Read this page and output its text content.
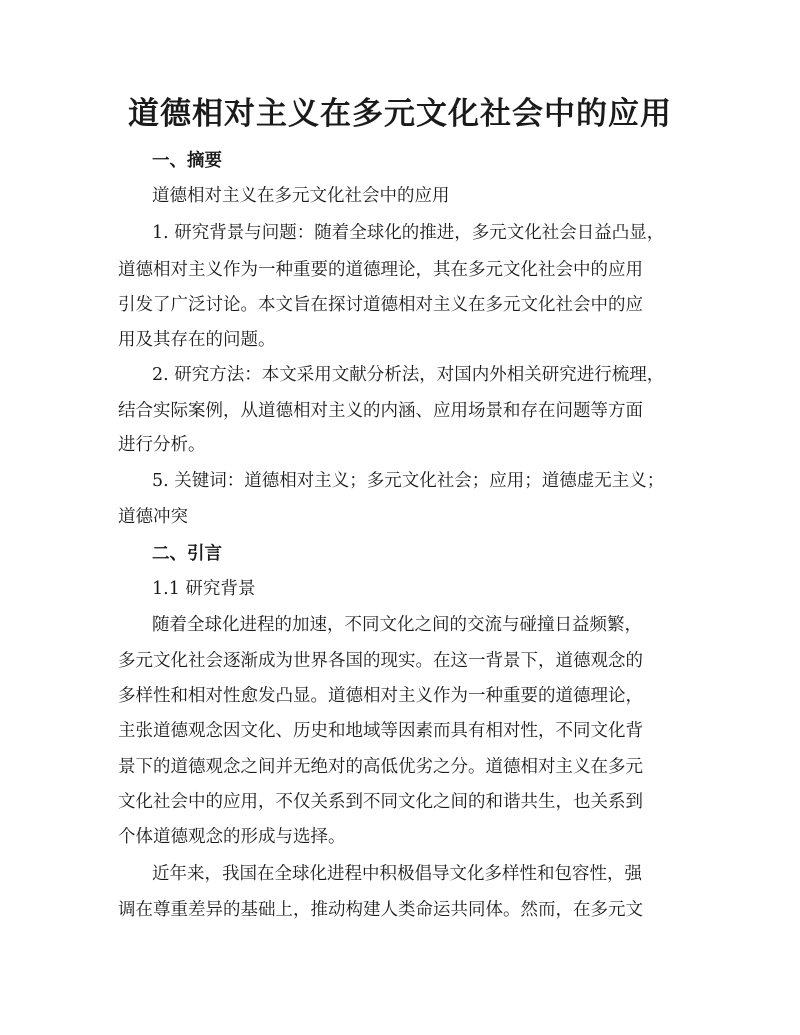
道德相对主义在多元文化社会中的应用
一、摘要
道德相对主义在多元文化社会中的应用
1. 研究背景与问题：随着全球化的推进，多元文化社会日益凸显，
道德相对主义作为一种重要的道德理论，其在多元文化社会中的应用
引发了广泛讨论。本文旨在探讨道德相对主义在多元文化社会中的应
用及其存在的问题。
2. 研究方法：本文采用文献分析法，对国内外相关研究进行梳理，
结合实际案例，从道德相对主义的内涵、应用场景和存在问题等方面
进行分析。
5. 关键词：道德相对主义；多元文化社会；应用；道德虚无主义；
道德冲突
二、引言
1.1 研究背景
随着全球化进程的加速，不同文化之间的交流与碰撞日益频繁，
多元文化社会逐渐成为世界各国的现实。在这一背景下，道德观念的
多样性和相对性愈发凸显。道德相对主义作为一种重要的道德理论，
主张道德观念因文化、历史和地域等因素而具有相对性，不同文化背
景下的道德观念之间并无绝对的高低优劣之分。道德相对主义在多元
文化社会中的应用，不仅关系到不同文化之间的和谐共生，也关系到
个体道德观念的形成与选择。
近年来，我国在全球化进程中积极倡导文化多样性和包容性，强
调在尊重差异的基础上，推动构建人类命运共同体。然而，在多元文
